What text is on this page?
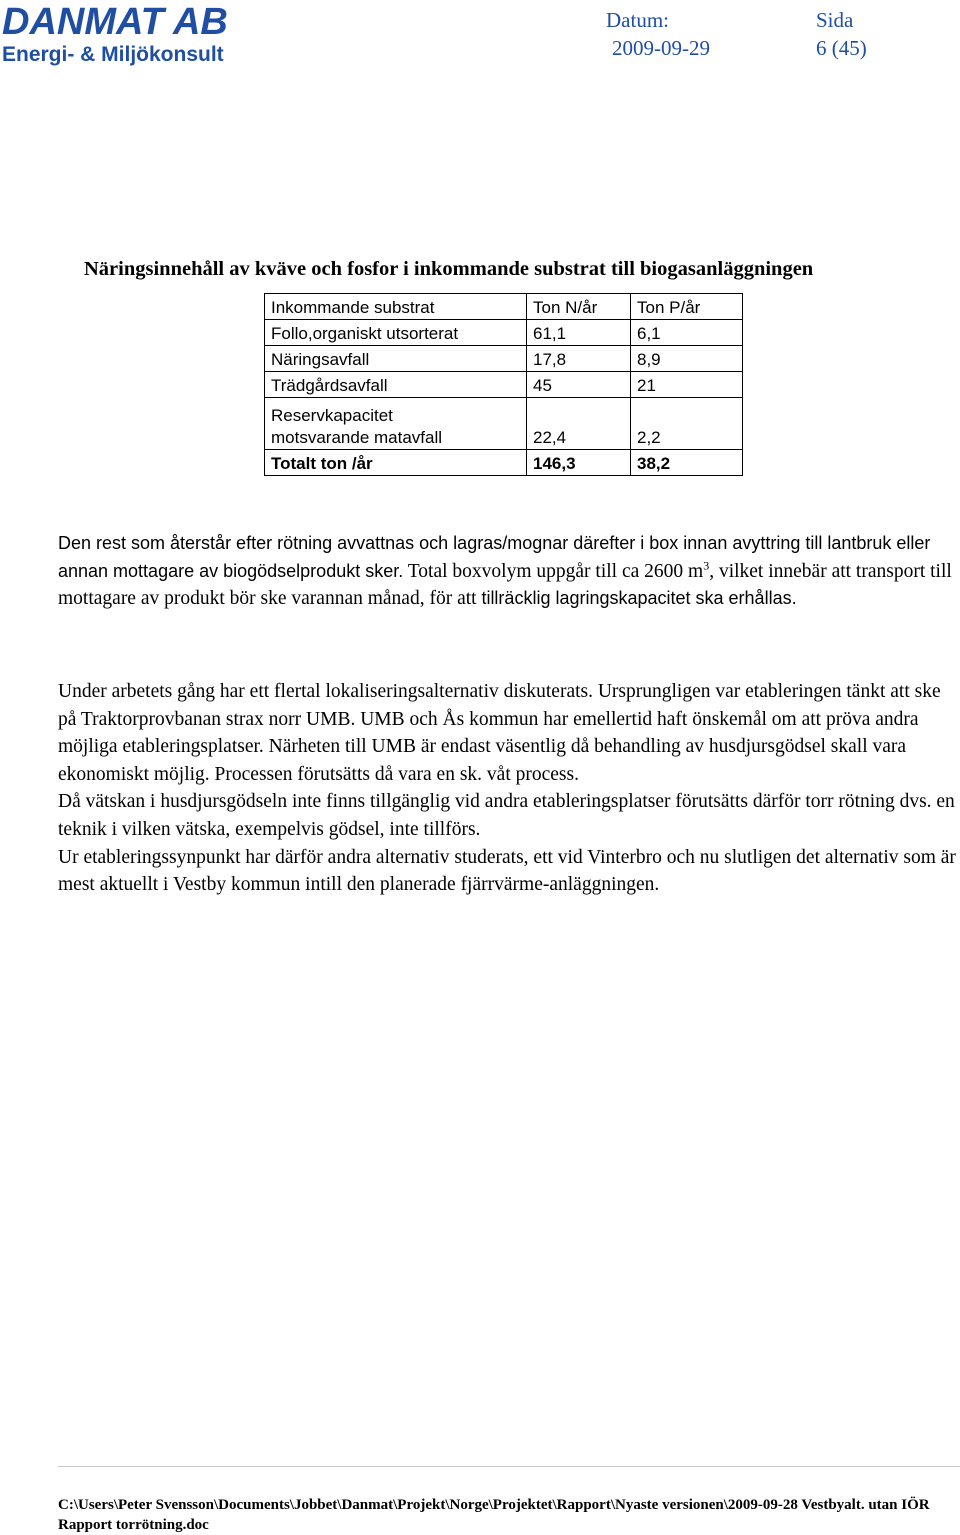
DANMAT AB
Energi- & Miljökonsult
Datum:	Sida
2009-09-29	6 (45)
Näringsinnehåll av kväve och fosfor i inkommande substrat till biogasanläggningen
Inkommande substrat	Ton N/år	Ton P/år
Follo,organiskt utsorterat	61,1	6,1
Näringsavfall	17,8	8,9
Trädgårdsavfall	45	21
Reservkapacitet
motsvarande matavfall	22,4	2,2
Totalt ton /år	146,3	38,2
Den rest som återstår efter rötning avvattnas och lagras/mognar därefter i box innan avyttring till lantbruk eller annan mottagare av biogödselprodukt sker. Total boxvolym uppgår till ca 2600 $m^3$, vilket innebär att transport till mottagare av produkt bör ske varannan månad, för att tillräcklig lagringskapacitet ska erhållas.
Under arbetets gång har ett flertal lokaliseringsalternativ diskuterats. Ursprungligen var etableringen tänkt att ske på Traktorprovbanan strax norr UMB. UMB och Ås kommun har emellertid haft önskemål om att pröva andra möjliga etableringsplatser. Närheten till UMB är endast väsentlig då behandling av husdjursgödsel skall vara ekonomiskt möjlig. Processen förutsätts då vara en sk. våt process.
Då vätskan i husdjursgödseln inte finns tillgänglig vid andra etableringsplatser förutsätts därför torr rötning dvs. en teknik i vilken vätska, exempelvis gödsel, inte tillförs.
Ur etableringssynpunkt har därför andra alternativ studerats, ett vid Vinterbro och nu slutligen det alternativ som är mest aktuellt i Vestby kommun intill den planerade fjärrvärme-anläggningen.
C:\Users\Peter Svensson\Documents\Jobbet\Danmat\Projekt\Norge\Projektet\Rapport\Nyaste versionen\2009-09-28 Vestbyalt. utan IÖR Rapport torrötning.doc
